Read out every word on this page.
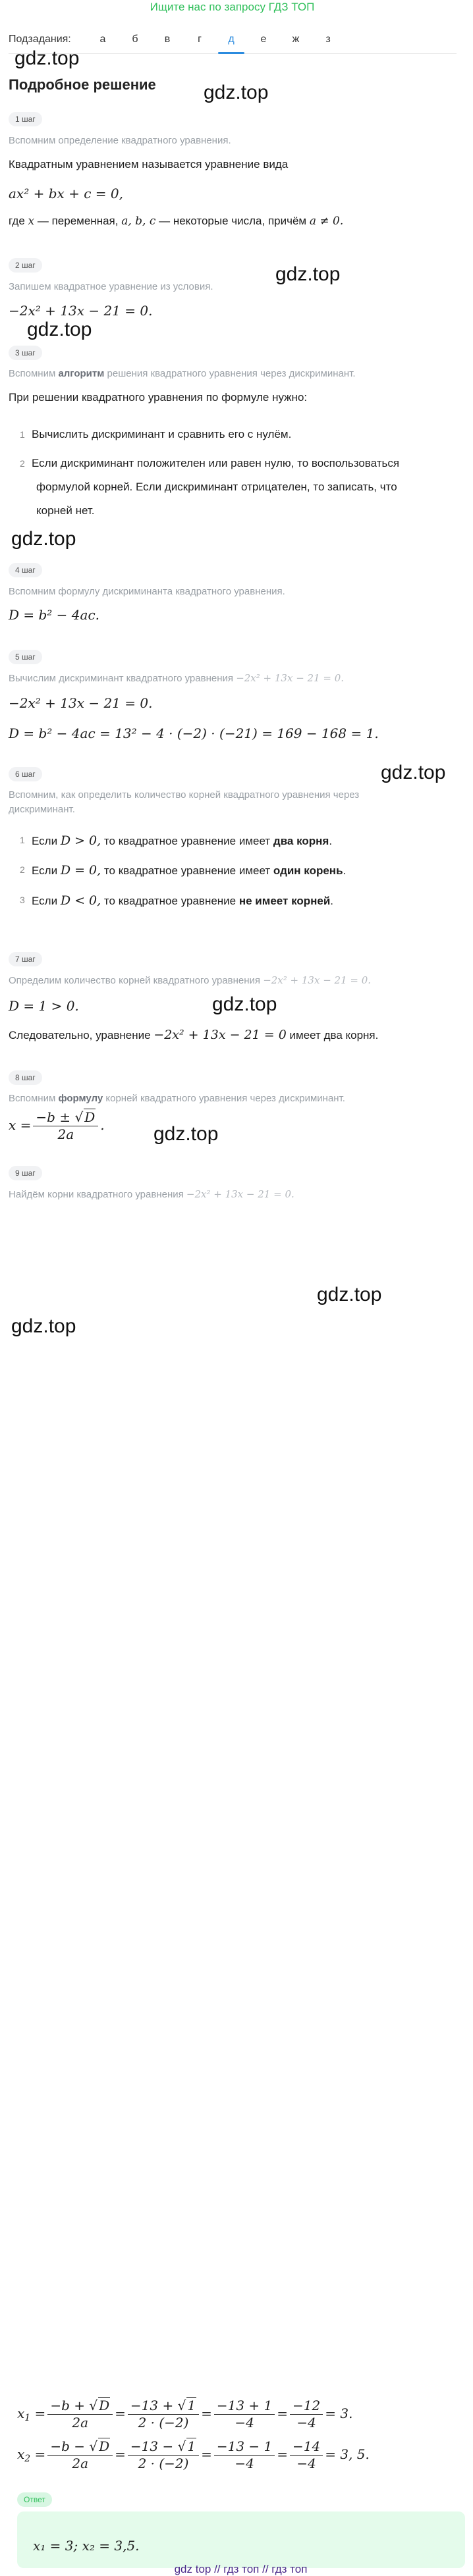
Ищите нас по запросу ГДЗ ТОП
Подзадания:	а	б	в	г	д	е	ж	з
gdz.top
gdz.top
gdz.top
gdz.top
gdz.top
gdz.top
gdz.top
gdz.top
gdz.top
gdz.top
Подробное решение
1 шаг
Вспомним определение квадратного уравнения.
Квадратным уравнением называется уравнение вида
ax² + bx + c = 0,
где x — переменная, a, b, c — некоторые числа, причём a ≠ 0.
2 шаг
Запишем квадратное уравнение из условия.
−2x² + 13x − 21 = 0.
3 шаг
Вспомним алгоритм решения квадратного уравнения через дискриминант.
При решении квадратного уравнения по формуле нужно:
1 Вычислить дискриминант и сравнить его с нулём.
2 Если дискриминант положителен или равен нулю, то воспользоваться
формулой корней. Если дискриминант отрицателен, то записать, что
корней нет.
4 шаг
Вспомним формулу дискриминанта квадратного уравнения.
D = b² − 4ac.
5 шаг
Вычислим дискриминант квадратного уравнения −2x² + 13x − 21 = 0.
−2x² + 13x − 21 = 0.
D = b² − 4ac = 13² − 4 · (−2) · (−21) = 169 − 168 = 1.
6 шаг
Вспомним, как определить количество корней квадратного уравнения через
дискриминант.
1 Если D > 0, то квадратное уравнение имеет два корня.
2 Если D = 0, то квадратное уравнение имеет один корень.
3 Если D < 0, то квадратное уравнение не имеет корней.
7 шаг
Определим количество корней квадратного уравнения −2x² + 13x − 21 = 0.
D = 1 > 0.
Следовательно, уравнение −2x² + 13x − 21 = 0 имеет два корня.
8 шаг
Вспомним формулу корней квадратного уравнения через дискриминант.
$x = \frac{-b \pm √ D}{2a}$ .
9 шаг
Найдём корни квадратного уравнения −2x² + 13x − 21 = 0.
$x_1 = \frac{-b + √ D}{2a} = \frac{-13 + √ 1}{2 \cdot (-2)} = \frac{-13 + 1}{-4} = \frac{-12}{-4} = 3$.
$x_2 = \frac{-b - √ D}{2a} = \frac{-13 - √ 1}{2 \cdot (-2)} = \frac{-13 - 1}{-4} = \frac{-14}{-4} = 3$, 5.
Ответ
x₁ = 3; x₂ = 3,5.
gdz top // гдз топ // гдз топ
